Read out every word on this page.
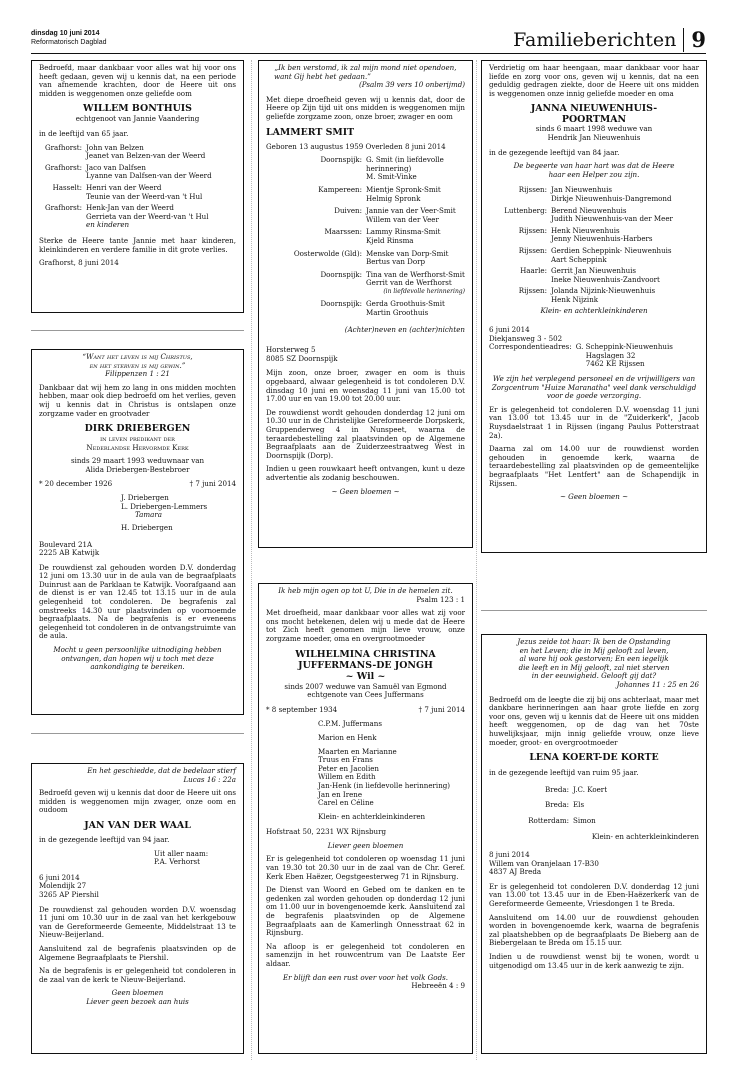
dinsdag 10 juni 2014
Reformatorisch Dagblad	Familieberichten 9

Bedroefd, maar dankbaar voor alles wat hij voor ons heeft gedaan, geven wij u kennis dat, na een periode van afnemende krachten, door de Heere uit ons midden is weggenomen onze geliefde oom

WILLEM BONTHUIS
echtgenoot van Jannie Vaandering

in de leeftijd van 65 jaar.

Grafhorst: John van Belzen
Jeanet van Belzen-van der Weerd
Grafhorst: Jaco van Dalfsen
Lyanne van Dalfsen-van der Weerd
Hasselt: Henri van der Weerd
Teunie van der Weerd-van 't Hul
Grafhorst: Henk-Jan van der Weerd
Gerrieta van der Weerd-van 't Hul
en kinderen

Sterke de Heere tante Jannie met haar kinderen, kleinkinderen en verdere familie in dit grote verlies.

Grafhorst, 8 juni 2014

“Want het leven is mij Christus,
en het sterven is mij gewin.”
Filippenzen 1 : 21

Dankbaar dat wij hem zo lang in ons midden mochten hebben, maar ook diep bedroefd om het verlies, geven wij u kennis dat in Christus is ontslapen onze zorgzame vader en grootvader

DIRK DRIEBERGEN
in leven predikant der
Nederlandse Hervormde Kerk
sinds 29 maart 1993 weduwnaar van
Alida Driebergen-Bestebroer
* 20 december 1926	† 7 juni 2014
J. Driebergen
L. Driebergen-Lemmers
Tamara
H. Driebergen
Boulevard 21A
2225 AB Katwijk

De rouwdienst zal gehouden worden D.V. donderdag 12 juni om 13.30 uur in de aula van de begraafplaats Duinrust aan de Parklaan te Katwijk. Voorafgaand aan de dienst is er van 12.45 tot 13.15 uur in de aula gelegenheid tot condoleren. De begrafenis zal omstreeks 14.30 uur plaatsvinden op voornoemde begraafplaats. Na de begrafenis is er eveneens gelegenheid tot condoleren in de ontvangstruimte van de aula.

Mocht u geen persoonlijke uitnodiging hebben ontvangen, dan hopen wij u toch met deze aankondiging te bereiken.

En het geschiedde, dat de bedelaar stierf
Lucas 16 : 22a

Bedroefd geven wij u kennis dat door de Heere uit ons midden is weggenomen mijn zwager, onze oom en oudoom

JAN VAN DER WAAL

in de gezegende leeftijd van 94 jaar.

Uit aller naam:
P.A. Verhorst
6 juni 2014
Molendijk 27
3265 AP Piershil

De rouwdienst zal gehouden worden D.V. woensdag 11 juni om 10.30 uur in de zaal van het kerkgebouw van de Gereformeerde Gemeente, Middelstraat 13 te Nieuw-Beijerland.

Aansluitend zal de begrafenis plaatsvinden op de Algemene Begraafplaats te Piershil.

Na de begrafenis is er gelegenheid tot condoleren in de zaal van de kerk te Nieuw-Beijerland.

Geen bloemen
Liever geen bezoek aan huis
„Ik ben verstomd, ik zal mijn mond niet opendoen,
want Gij hebt het gedaan.”
(Psalm 39 vers 10 onberijmd)

Met diepe droefheid geven wij u kennis dat, door de Heere op Zijn tijd uit ons midden is weggenomen mijn geliefde zorgzame zoon, onze broer, zwager en oom

LAMMERT SMIT

Geboren 13 augustus 1959 Overleden 8 juni 2014

Doornspijk: G. Smit (in liefdevolle herinnering)
M. Smit-Vinke
Kampereen: Mientje Spronk-Smit
Helmig Spronk
Duiven: Jannie van der Veer-Smit
Willem van der Veer
Maarssen: Lammy Rinsma-Smit
Kjeld Rinsma
Oosterwolde (Gld): Menske van Dorp-Smit
Bertus van Dorp
Doornspijk: Tina van de Werfhorst-Smit
Gerrit van de Werfhorst
(in liefdevolle herinnering)
Doornspijk: Gerda Groothuis-Smit
Martin Groothuis
(Achter)neven en (achter)nichten
Horsterweg 5
8085 SZ Doornspijk

Mijn zoon, onze broer, zwager en oom is thuis opgebaard, alwaar gelegenheid is tot condoleren D.V. dinsdag 10 juni en woensdag 11 juni van 15.00 tot 17.00 uur en van 19.00 tot 20.00 uur.

De rouwdienst wordt gehouden donderdag 12 juni om 10.30 uur in de Christelijke Gereformeerde Dorpskerk, Gruppenderweg 4 in Nunspeet, waarna de teraardebestelling zal plaatsvinden op de Algemene Begraafplaats aan de Zuiderzeestraatweg West in Doornspijk (Dorp).

Indien u geen rouwkaart heeft ontvangen, kunt u deze advertentie als zodanig beschouwen.

~ Geen bloemen ~
Ik heb mijn ogen op tot U, Die in de hemelen zit.
Psalm 123 : 1

Met droefheid, maar dankbaar voor alles wat zij voor ons mocht betekenen, delen wij u mede dat de Heere tot Zich heeft genomen mijn lieve vrouw, onze zorgzame moeder, oma en overgrootmoeder

WILHELMINA CHRISTINA
JUFFERMANS-DE JONGH
~ Wil ~
sinds 2007 weduwe van Samuël van Egmond
echtgenote van Cees Juffermans
* 8 september 1934	† 7 juni 2014
C.P.M. Juffermans
Marion en Henk
Maarten en Marianne
Truus en Frans
Peter en Jacolien
Willem en Edith
Jan-Henk (in liefdevolle herinnering)
Jan en Irene
Carel en Céline
Klein- en achterkleinkinderen

Hofstraat 50, 2231 WX Rijnsburg

Liever geen bloemen

Er is gelegenheid tot condoleren op woensdag 11 juni van 19.30 tot 20.30 uur in de zaal van de Chr. Geref. Kerk Eben Haëzer, Oegstgeesterweg 71 in Rijnsburg.

De Dienst van Woord en Gebed om te danken en te gedenken zal worden gehouden op donderdag 12 juni om 11.00 uur in bovengenoemde kerk. Aansluitend zal de begrafenis plaatsvinden op de Algemene Begraafplaats aan de Kamerlingh Onnesstraat 62 in Rijnsburg.

Na afloop is er gelegenheid tot condoleren en samenzijn in het rouwcentrum van De Laatste Eer aldaar.

Er blijft dan een rust over voor het volk Gods.
Hebreeën 4 : 9

Verdrietig om haar heengaan, maar dankbaar voor haar liefde en zorg voor ons, geven wij u kennis, dat na een geduldig gedragen ziekte, door de Heere uit ons midden is weggenomen onze innig geliefde moeder en oma

JANNA NIEUWENHUIS-
POORTMAN
sinds 6 maart 1998 weduwe van
Hendrik Jan Nieuwenhuis

in de gezegende leeftijd van 84 jaar.

De begeerte van haar hart was dat de Heere
haar een Helper zou zijn.
Rijssen: Jan Nieuwenhuis
Dirkje Nieuwenhuis-Dangremond
Luttenberg: Berend Nieuwenhuis
Judith Nieuwenhuis-van der Meer
Rijssen: Henk Nieuwenhuis
Jenny Nieuwenhuis-Harbers
Rijssen: Gerdien Scheppink- Nieuwenhuis
Aart Scheppink
Haarle: Gerrit Jan Nieuwenhuis
Ineke Nieuwenhuis-Zandvoort
Rijssen: Jolanda Nijzink-Nieuwenhuis
Henk Nijzink
Klein- en achterkleinkinderen
6 juni 2014
Diekjansweg 3 - 502
Correspondentieadres: G. Scheppink-Nieuwenhuis
Hagslagen 32
7462 KE Rijssen

We zijn het verplegend personeel en de vrijwilligers van Zorgcentrum "Huize Maranatha" veel dank verschuldigd voor de goede verzorging.

Er is gelegenheid tot condoleren D.V. woensdag 11 juni van 13.00 tot 13.45 uur in de "Zuiderkerk", Jacob Ruysdaelstraat 1 in Rijssen (ingang Paulus Potterstraat 2a).

Daarna zal om 14.00 uur de rouwdienst worden gehouden in genoemde kerk, waarna de teraardebestelling zal plaatsvinden op de gemeentelijke begraafplaats "Het Lentfert" aan de Schapendijk in Rijssen.

~ Geen bloemen ~
Jezus zeide tot haar: Ik ben de Opstanding
en het Leven; die in Mij gelooft zal leven,
al ware hij ook gestorven; En een iegelijk
die leeft en in Mij gelooft, zal niet sterven
in der eeuwigheid. Gelooft gij dat?
Johannes 11 : 25 en 26

Bedroefd om de leegte die zij bij ons achterlaat, maar met dankbare herinneringen aan haar grote liefde en zorg voor ons, geven wij u kennis dat de Heere uit ons midden heeft weggenomen, op de dag van het 70ste huwelijksjaar, mijn innig geliefde vrouw, onze lieve moeder, groot- en overgrootmoeder

LENA KOERT-DE KORTE

in de gezegende leeftijd van ruim 95 jaar.

Breda: J.C. Koert
Breda: Els
Rotterdam: Simon
Klein- en achterkleinkinderen
8 juni 2014
Willem van Oranjelaan 17-B30
4837 AJ Breda

Er is gelegenheid tot condoleren D.V. donderdag 12 juni van 13.00 tot 13.45 uur in de Eben-Haëzerkerk van de Gereformeerde Gemeente, Vriesdongen 1 te Breda.

Aansluitend om 14.00 uur de rouwdienst gehouden worden in bovengenoemde kerk, waarna de begrafenis zal plaatshebben op de begraafplaats De Bieberg aan de Biebergelaan te Breda om 15.15 uur.

Indien u de rouwdienst wenst bij te wonen, wordt u uitgenodigd om 13.45 uur in de kerk aanwezig te zijn.
